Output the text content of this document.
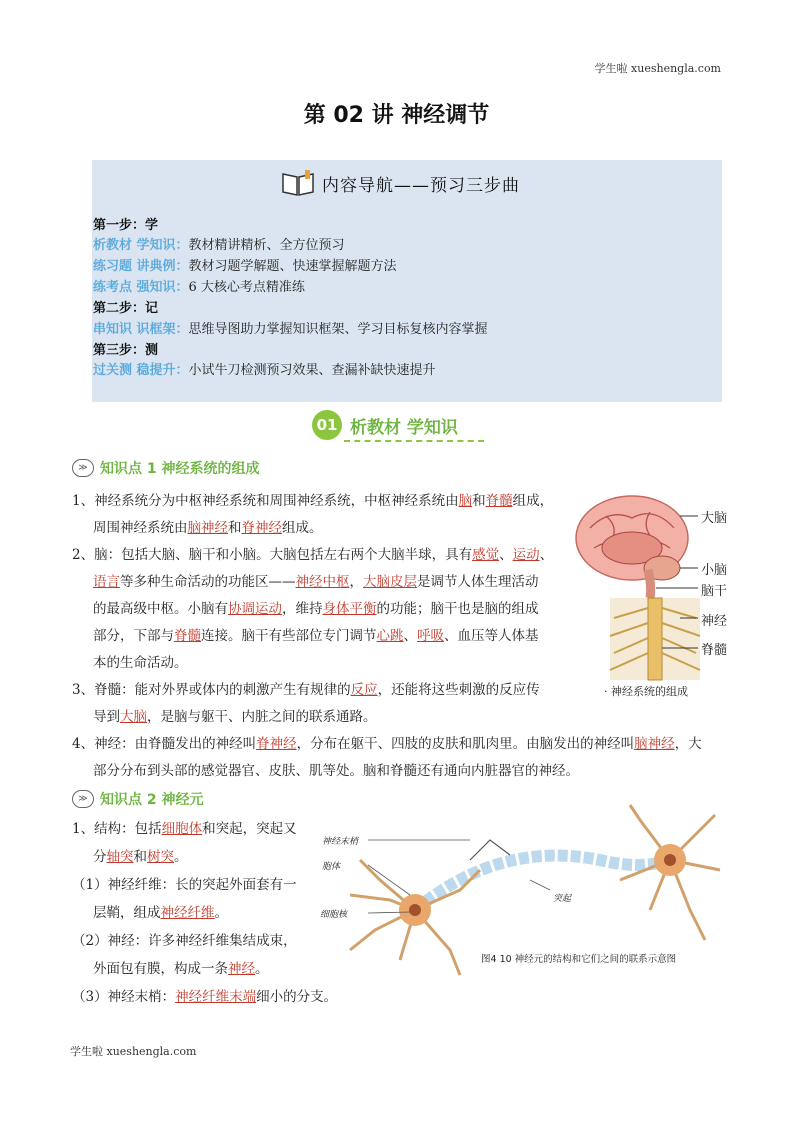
学生啦 xueshengla.com
第 02 讲 神经调节
内容导航——预习三步曲
第一步：学
析教材 学知识：教材精讲精析、全方位预习
练习题 讲典例：教材习题学解题、快速掌握解题方法
练考点 强知识：6 大核心考点精准练
第二步：记
串知识 识框架：思维导图助力掌握知识框架、学习目标复核内容掌握
第三步：测
过关测 稳提升：小试牛刀检测预习效果、查漏补缺快速提升
01 析教材 学知识
≫ 知识点 1 神经系统的组成
1、神经系统分为中枢神经系统和周围神经系统，中枢神经系统由脑和脊髓组成，
周围神经系统由脑神经和脊神经组成。
2、脑：包括大脑、脑干和小脑。大脑包括左右两个大脑半球，具有感觉、运动、
语言等多种生命活动的功能区——神经中枢，大脑皮层是调节人体生理活动
的最高级中枢。小脑有协调运动，维持身体平衡的功能；脑干也是脑的组成
部分，下部与脊髓连接。脑干有些部位专门调节心跳、呼吸、血压等人体基
本的生命活动。
3、脊髓：能对外界或体内的刺激产生有规律的反应，还能将这些刺激的反应传
导到大脑，是脑与躯干、内脏之间的联系通路。
4、神经：由脊髓发出的神经叫脊神经，分布在躯干、四肢的皮肤和肌肉里。由脑发出的神经叫脑神经，大
部分分布到头部的感觉器官、皮肤、肌等处。脑和脊髓还有通向内脏器官的神经。
大脑
小脑
脑干
神经
脊髓
· 神经系统的组成
≫ 知识点 2 神经元
1、结构：包括细胞体和突起，突起又
分轴突和树突。
（1）神经纤维：长的突起外面套有一
层鞘，组成神经纤维。
（2）神经：许多神经纤维集结成束，
外面包有膜，构成一条神经。
（3）神经末梢：神经纤维末端细小的分支。
神经末梢
胞体
细胞核
突起
图4 10 神经元的结构和它们之间的联系示意图
学生啦 xueshengla.com
